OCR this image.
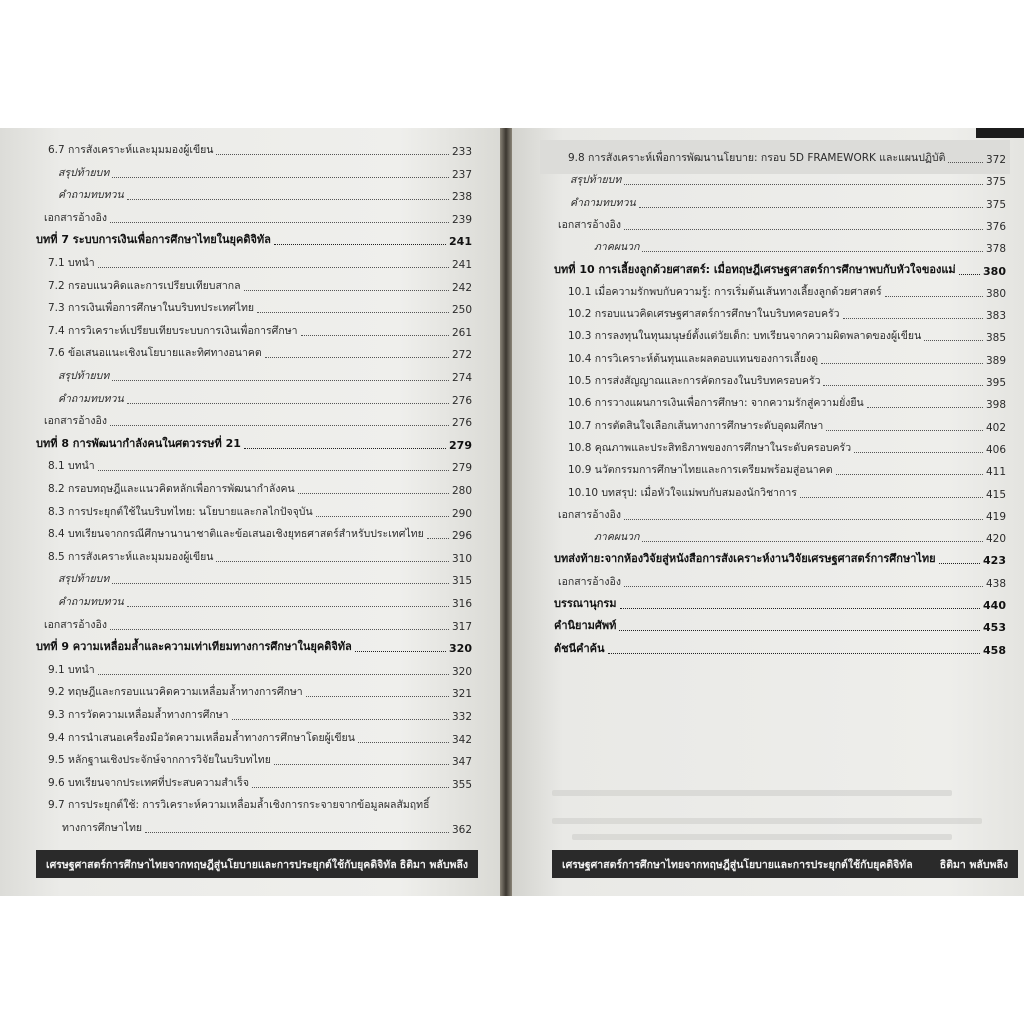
6.7 การสังเคราะห์และมุมมองผู้เขียน	233
สรุปท้ายบท	237
คำถามทบทวน	238
เอกสารอ้างอิง	239
บทที่ 7 ระบบการเงินเพื่อการศึกษาไทยในยุคดิจิทัล	241
7.1 บทนำ	241
7.2 กรอบแนวคิดและการเปรียบเทียบสากล	242
7.3 การเงินเพื่อการศึกษาในบริบทประเทศไทย	250
7.4 การวิเคราะห์เปรียบเทียบระบบการเงินเพื่อการศึกษา	261
7.6 ข้อเสนอแนะเชิงนโยบายและทิศทางอนาคต	272
สรุปท้ายบท	274
คำถามทบทวน	276
เอกสารอ้างอิง	276
บทที่ 8 การพัฒนากำลังคนในศตวรรษที่ 21	279
8.1 บทนำ	279
8.2 กรอบทฤษฎีและแนวคิดหลักเพื่อการพัฒนากำลังคน	280
8.3 การประยุกต์ใช้ในบริบทไทย: นโยบายและกลไกปัจจุบัน	290
8.4 บทเรียนจากกรณีศึกษานานาชาติและข้อเสนอเชิงยุทธศาสตร์สำหรับประเทศไทย	296
8.5 การสังเคราะห์และมุมมองผู้เขียน	310
สรุปท้ายบท	315
คำถามทบทวน	316
เอกสารอ้างอิง	317
บทที่ 9 ความเหลื่อมล้ำและความเท่าเทียมทางการศึกษาในยุคดิจิทัล	320
9.1 บทนำ	320
9.2 ทฤษฎีและกรอบแนวคิดความเหลื่อมล้ำทางการศึกษา	321
9.3 การวัดความเหลื่อมล้ำทางการศึกษา	332
9.4 การนำเสนอเครื่องมือวัดความเหลื่อมล้ำทางการศึกษาโดยผู้เขียน	342
9.5 หลักฐานเชิงประจักษ์จากการวิจัยในบริบทไทย	347
9.6 บทเรียนจากประเทศที่ประสบความสำเร็จ	355
9.7 การประยุกต์ใช้: การวิเคราะห์ความเหลื่อมล้ำเชิงการกระจายจากข้อมูลผลสัมฤทธิ์
ทางการศึกษาไทย	362
เศรษฐศาสตร์การศึกษาไทยจากทฤษฎีสู่นโยบายและการประยุกต์ใช้กับยุคดิจิทัล ธิติมา พลับพลึง
9.8 การสังเคราะห์เพื่อการพัฒนานโยบาย: กรอบ 5D FRAMEWORK และแผนปฏิบัติ	372
สรุปท้ายบท	375
คำถามทบทวน	375
เอกสารอ้างอิง	376
ภาคผนวก	378
บทที่ 10 การเลี้ยงลูกด้วยศาสตร์: เมื่อทฤษฎีเศรษฐศาสตร์การศึกษาพบกับหัวใจของแม่ 380
10.1 เมื่อความรักพบกับความรู้: การเริ่มต้นเส้นทางเลี้ยงลูกด้วยศาสตร์	380
10.2 กรอบแนวคิดเศรษฐศาสตร์การศึกษาในบริบทครอบครัว	383
10.3 การลงทุนในทุนมนุษย์ตั้งแต่วัยเด็ก: บทเรียนจากความผิดพลาดของผู้เขียน	385
10.4 การวิเคราะห์ต้นทุนและผลตอบแทนของการเลี้ยงดู	389
10.5 การส่งสัญญาณและการคัดกรองในบริบทครอบครัว	395
10.6 การวางแผนการเงินเพื่อการศึกษา: จากความรักสู่ความยั่งยืน	398
10.7 การตัดสินใจเลือกเส้นทางการศึกษาระดับอุดมศึกษา	402
10.8 คุณภาพและประสิทธิภาพของการศึกษาในระดับครอบครัว	406
10.9 นวัตกรรมการศึกษาไทยและการเตรียมพร้อมสู่อนาคต	411
10.10 บทสรุป: เมื่อหัวใจแม่พบกับสมองนักวิชาการ	415
เอกสารอ้างอิง	419
ภาคผนวก	420
บทส่งท้าย:จากห้องวิจัยสู่หนังสือการสังเคราะห์งานวิจัยเศรษฐศาสตร์การศึกษาไทย	423
เอกสารอ้างอิง	438
บรรณานุกรม	440
คำนิยามศัพท์	453
ดัชนีคำค้น	458
เศรษฐศาสตร์การศึกษาไทยจากทฤษฎีสู่นโยบายและการประยุกต์ใช้กับยุคดิจิทัล	ธิติมา พลับพลึง
